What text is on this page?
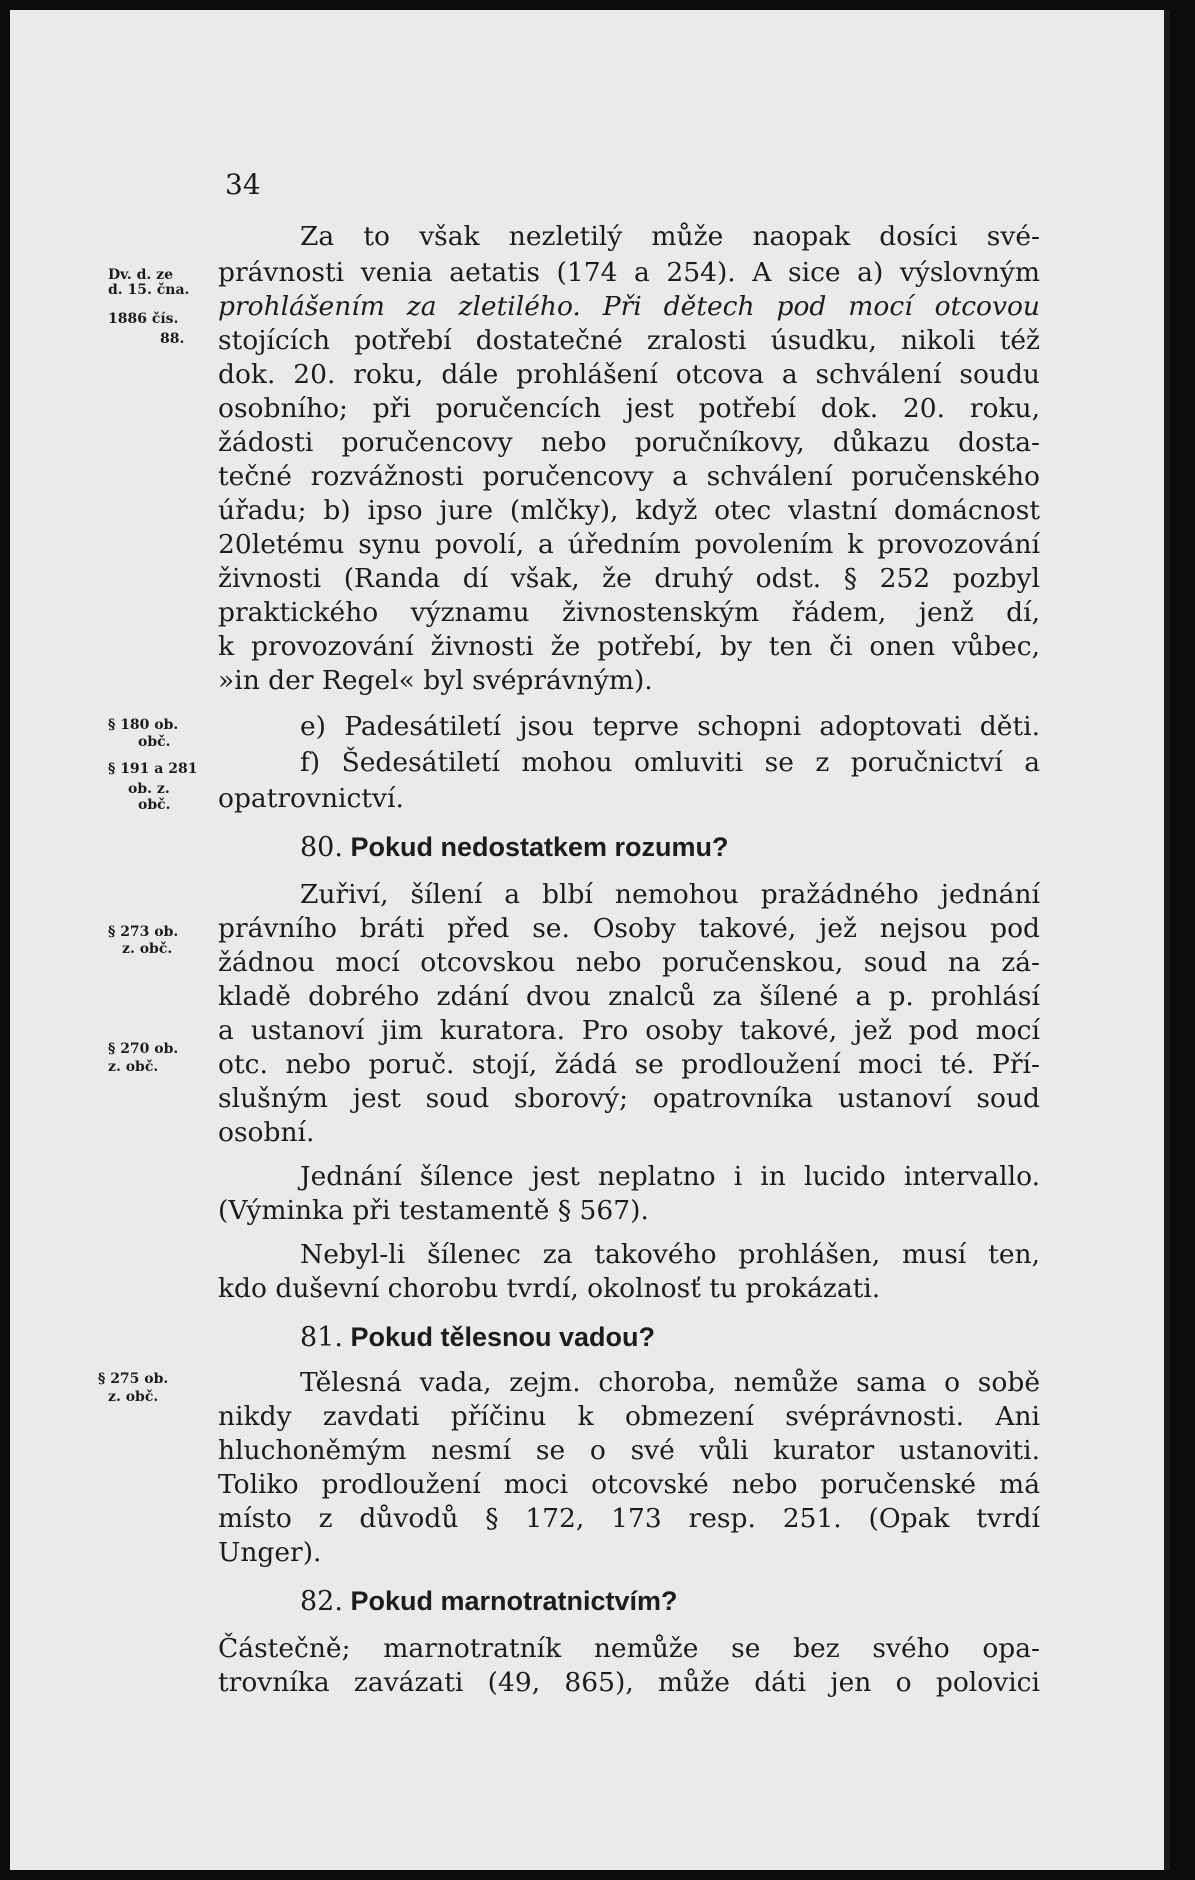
34
Dv. d. ze
d. 15. čna.
1886 čís.
88.
§ 180 ob.
obč.
§ 191 a 281
ob. z.
obč.
§ 273 ob.
z. obč.
§ 270 ob.
z. obč.
§ 275 ob.
z. obč.
Za to však nezletilý může naopak dosíci své-
právnosti venia aetatis (174 a 254). A sice a) výslovným
prohlášením za zletilého. Při dětech pod mocí otcovou
stojících potřebí dostatečné zralosti úsudku, nikoli též
dok. 20. roku, dále prohlášení otcova a schválení soudu
osobního; při poručencích jest potřebí dok. 20. roku,
žádosti poručencovy nebo poručníkovy, důkazu dosta-
tečné rozvážnosti poručencovy a schválení poručenského
úřadu; b) ipso jure (mlčky), když otec vlastní domácnost
20letému synu povolí, a úředním povolením k provozování
živnosti (Randa dí však, že druhý odst. § 252 pozbyl
praktického významu živnostenským řádem, jenž dí,
k provozování živnosti že potřebí, by ten či onen vůbec,
»in der Regel« byl svéprávným).
e) Padesátiletí jsou teprve schopni adoptovati děti.
f) Šedesátiletí mohou omluviti se z poručnictví a
opatrovnictví.
80. Pokud nedostatkem rozumu?
Zuřiví, šílení a blbí nemohou pražádného jednání
právního bráti před se. Osoby takové, jež nejsou pod
žádnou mocí otcovskou nebo poručenskou, soud na zá-
kladě dobrého zdání dvou znalců za šílené a p. prohlásí
a ustanoví jim kuratora. Pro osoby takové, jež pod mocí
otc. nebo poruč. stojí, žádá se prodloužení moci té. Pří-
slušným jest soud sborový; opatrovníka ustanoví soud
osobní.
Jednání šílence jest neplatno i in lucido intervallo.
(Výminka při testamentě § 567).
Nebyl-li šílenec za takového prohlášen, musí ten,
kdo duševní chorobu tvrdí, okolnosť tu prokázati.
81. Pokud tělesnou vadou?
Tělesná vada, zejm. choroba, nemůže sama o sobě
nikdy zavdati příčinu k obmezení svéprávnosti. Ani
hluchoněmým nesmí se o své vůli kurator ustanoviti.
Toliko prodloužení moci otcovské nebo poručenské má
místo z důvodů § 172, 173 resp. 251. (Opak tvrdí
Unger).
82. Pokud marnotratnictvím?
Částečně; marnotratník nemůže se bez svého opa-
trovníka zavázati (49, 865), může dáti jen o polovici
